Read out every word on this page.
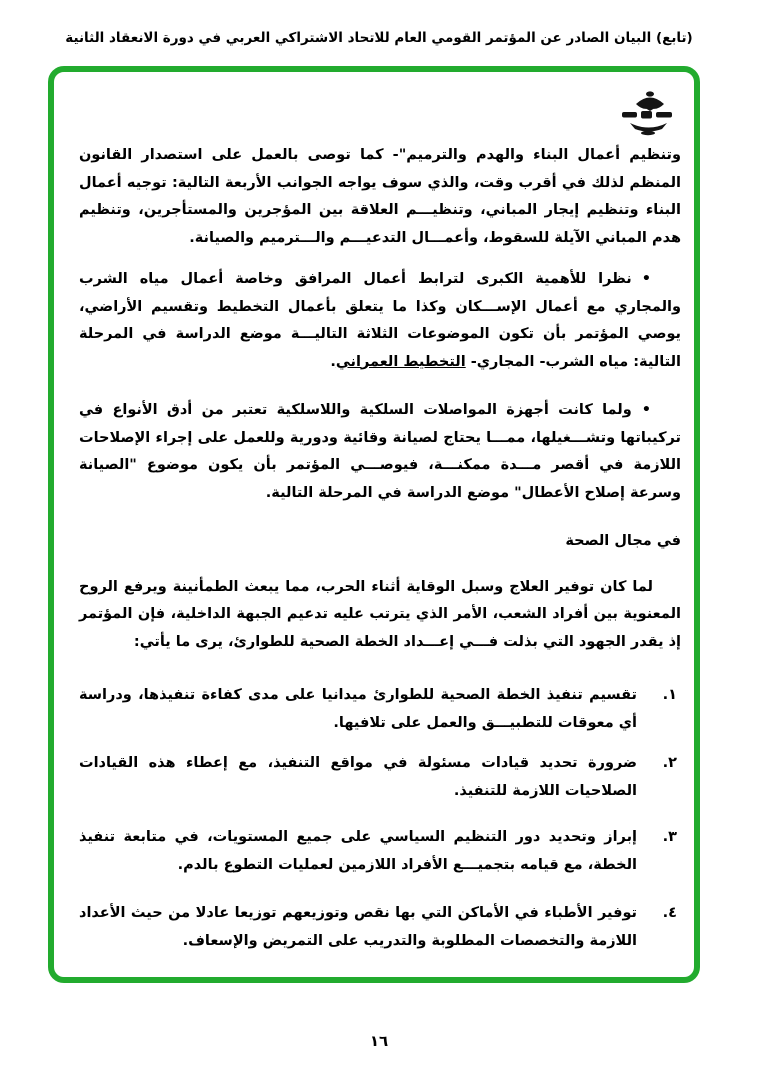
(تابع) البيان الصادر عن المؤتمر القومي العام للاتحاد الاشتراكي العربي في دورة الانعقاد الثانية

وتنظيم أعمال البناء والهدم والترميم"- كما توصى بالعمل على استصدار القانون المنظم لذلك في أقرب وقت، والذي سوف يواجه الجوانب الأربعة التالية: توجيه أعمال البناء وتنظيم إيجار المباني، وتنظيـــم العلاقة بين المؤجرين والمستأجرين، وتنظيم هدم المباني الآيلة للسقوط، وأعمـــال التدعيـــم والـــترميم والصيانة.

•نظرا للأهمية الكبرى لترابط أعمال المرافق وخاصة أعمال مياه الشرب والمجاري مع أعمال الإســـكان وكذا ما يتعلق بأعمال التخطيط وتقسيم الأراضي، يوصي المؤتمر بأن تكون الموضوعات الثلاثة التاليـــة موضع الدراسة في المرحلة التالية: مياه الشرب- المجاري- التخطيط العمراني.

•ولما كانت أجهزة المواصلات السلكية واللاسلكية تعتبر من أدق الأنواع في تركيباتها وتشـــغيلها، ممـــا يحتاج لصيانة وقائية ودورية وللعمل على إجراء الإصلاحات اللازمة في أقصر مـــدة ممكنـــة، فيوصـــي المؤتمر بأن يكون موضوع "الصيانة وسرعة إصلاح الأعطال" موضع الدراسة في المرحلة التالية.

في مجال الصحة

لما كان توفير العلاج وسبل الوقاية أثناء الحرب، مما يبعث الطمأنينة ويرفع الروح المعنوية بين أفراد الشعب، الأمر الذي يترتب عليه تدعيم الجبهة الداخلية، فإن المؤتمر إذ يقدر الجهود التي بذلت فـــي إعـــداد الخطة الصحية للطوارئ، يرى ما يأتي:

١.
تقسيم تنفيذ الخطة الصحية للطوارئ ميدانيا على مدى كفاءة تنفيذها، ودراسة أي معوقات للتطبيـــق والعمل على تلافيها.
٢.
ضرورة تحديد قيادات مسئولة في مواقع التنفيذ، مع إعطاء هذه القيادات الصلاحيات اللازمة للتنفيذ.
٣.
إبراز وتحديد دور التنظيم السياسي على جميع المستويات، في متابعة تنفيذ الخطة، مع قيامه بتجميـــع الأفراد اللازمين لعمليات التطوع بالدم.
٤.
توفير الأطباء في الأماكن التي بها نقص وتوزيعهم توزيعا عادلا من حيث الأعداد اللازمة والتخصصات المطلوبة والتدريب على التمريض والإسعاف.
١٦
